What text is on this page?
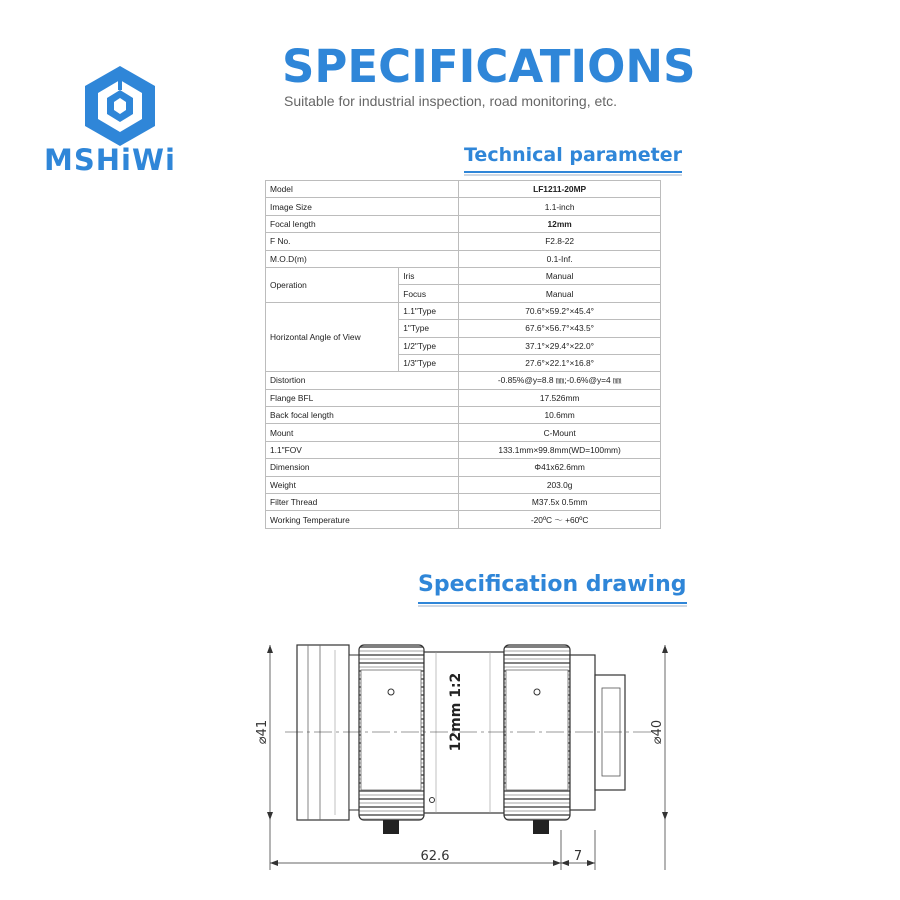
MSHiWi
SPECIFICATIONS
Suitable for industrial inspection, road monitoring, etc.
Technical parameter
Model		LF1211-20MP
Image Size		1.1-inch
Focal length		12mm
F No.		F2.8-22
M.O.D(m)		0.1-Inf.
Operation	Iris	Manual
	Focus	Manual
Horizontal Angle of View	1.1"Type	70.6°×59.2°×45.4°
	1"Type	67.6°×56.7°×43.5°
	1/2"Type	37.1°×29.4°×22.0°
	1/3"Type	27.6°×22.1°×16.8°
Distortion		-0.85%@y=8.8 ㎜;-0.6%@y=4 ㎜
Flange BFL		17.526mm
Back focal length		10.6mm
Mount		C-Mount
1.1"FOV		133.1mm×99.8mm(WD=100mm)
Dimension		Φ41x62.6mm
Weight		203.0g
Filter Thread		M37.5x 0.5mm
Working Temperature		-20ºC ～ +60ºC
Specification drawing
12mm 1:2
62.6	7
⌀41	⌀40
